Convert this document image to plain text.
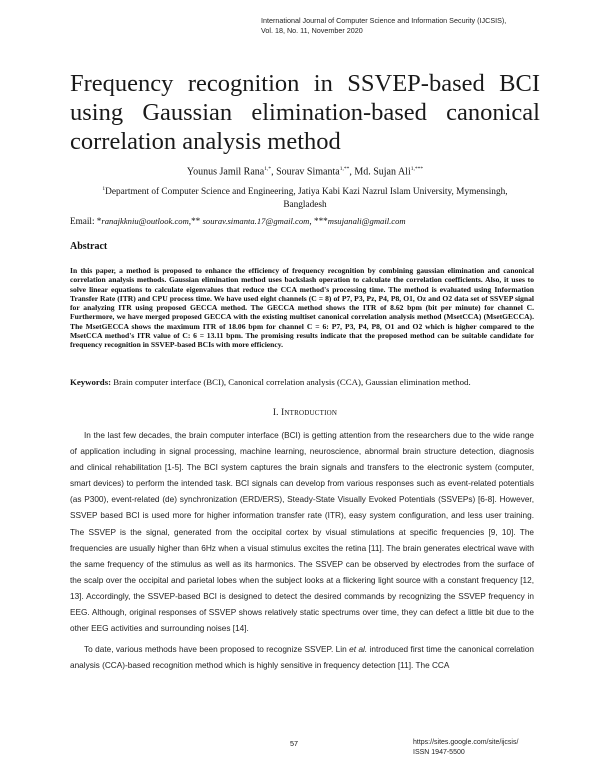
International Journal of Computer Science and Information Security (IJCSIS),
Vol. 18, No. 11, November 2020
Frequency recognition in SSVEP-based BCI
using Gaussian elimination-based canonical
correlation analysis method
Younus Jamil Rana$^{1,*}$, Sourav Simanta$^{1,**}$, Md. Sujan Ali$^{1,***}$
$^1$Department of Computer Science and Engineering, Jatiya Kabi Kazi Nazrul Islam University, Mymensingh,
Bangladesh
Email: *ranajkkniu@outlook.com,** sourav.simanta.17@gmail.com, ***msujanali@gmail.com
Abstract
In this paper, a method is proposed to enhance the efficiency of frequency recognition by combining gaussian elimination and canonical correlation analysis methods. Gaussian elimination method uses backslash operation to calculate the correlation coefficients. Also, it uses to solve linear equations to calculate eigenvalues that reduce the CCA method's processing time. The method is evaluated using Information Transfer Rate (ITR) and CPU process time. We have used eight channels (C = 8) of P7, P3, Pz, P4, P8, O1, Oz and O2 data set of SSVEP signal for analyzing ITR using proposed GECCA method. The GECCA method shows the ITR of 8.62 bpm (bit per minute) for channel C. Furthermore, we have merged proposed GECCA with the existing multiset canonical correlation analysis method (MsetCCA) (MsetGECCA). The MsetGECCA shows the maximum ITR of 18.06 bpm for channel C = 6: P7, P3, P4, P8, O1 and O2 which is higher compared to the MsetCCA method's ITR value of C: 6 = 13.11 bpm. The promising results indicate that the proposed method can be suitable candidate for frequency recognition in SSVEP-based BCIs with more efficiency.
Keywords: Brain computer interface (BCI), Canonical correlation analysis (CCA), Gaussian elimination method.
I. INTRODUCTION

In the last few decades, the brain computer interface (BCI) is getting attention from the researchers due to the wide range of application including in signal processing, machine learning, neuroscience, abnormal brain structure detection, diagnosis and clinical rehabilitation [1-5]. The BCI system captures the brain signals and transfers to the electronic system (computer, smart devices) to perform the intended task. BCI signals can develop from various responses such as event-related potentials (as P300), event-related (de) synchronization (ERD/ERS), Steady-State Visually Evoked Potentials (SSVEPs) [6-8]. However, SSVEP based BCI is used more for higher information transfer rate (ITR), easy system configuration, and less user training. The SSVEP is the signal, generated from the occipital cortex by visual stimulations at specific frequencies [9, 10]. The frequencies are usually higher than 6Hz when a visual stimulus excites the retina [11]. The brain generates electrical wave with the same frequency of the stimulus as well as its harmonics. The SSVEP can be observed by electrodes from the surface of the scalp over the occipital and parietal lobes when the subject looks at a flickering light source with a constant frequency [12, 13]. Accordingly, the SSVEP-based BCI is designed to detect the desired commands by recognizing the SSVEP frequency in EEG. Although, original responses of SSVEP shows relatively static spectrums over time, they can defect a little bit due to the other EEG activities and surrounding noises [14].

To date, various methods have been proposed to recognize SSVEP. Lin et al. introduced first time the canonical correlation analysis (CCA)-based recognition method which is highly sensitive in frequency detection [11]. The CCA

57	https://sites.google.com/site/ijcsis/
ISSN 1947-5500
